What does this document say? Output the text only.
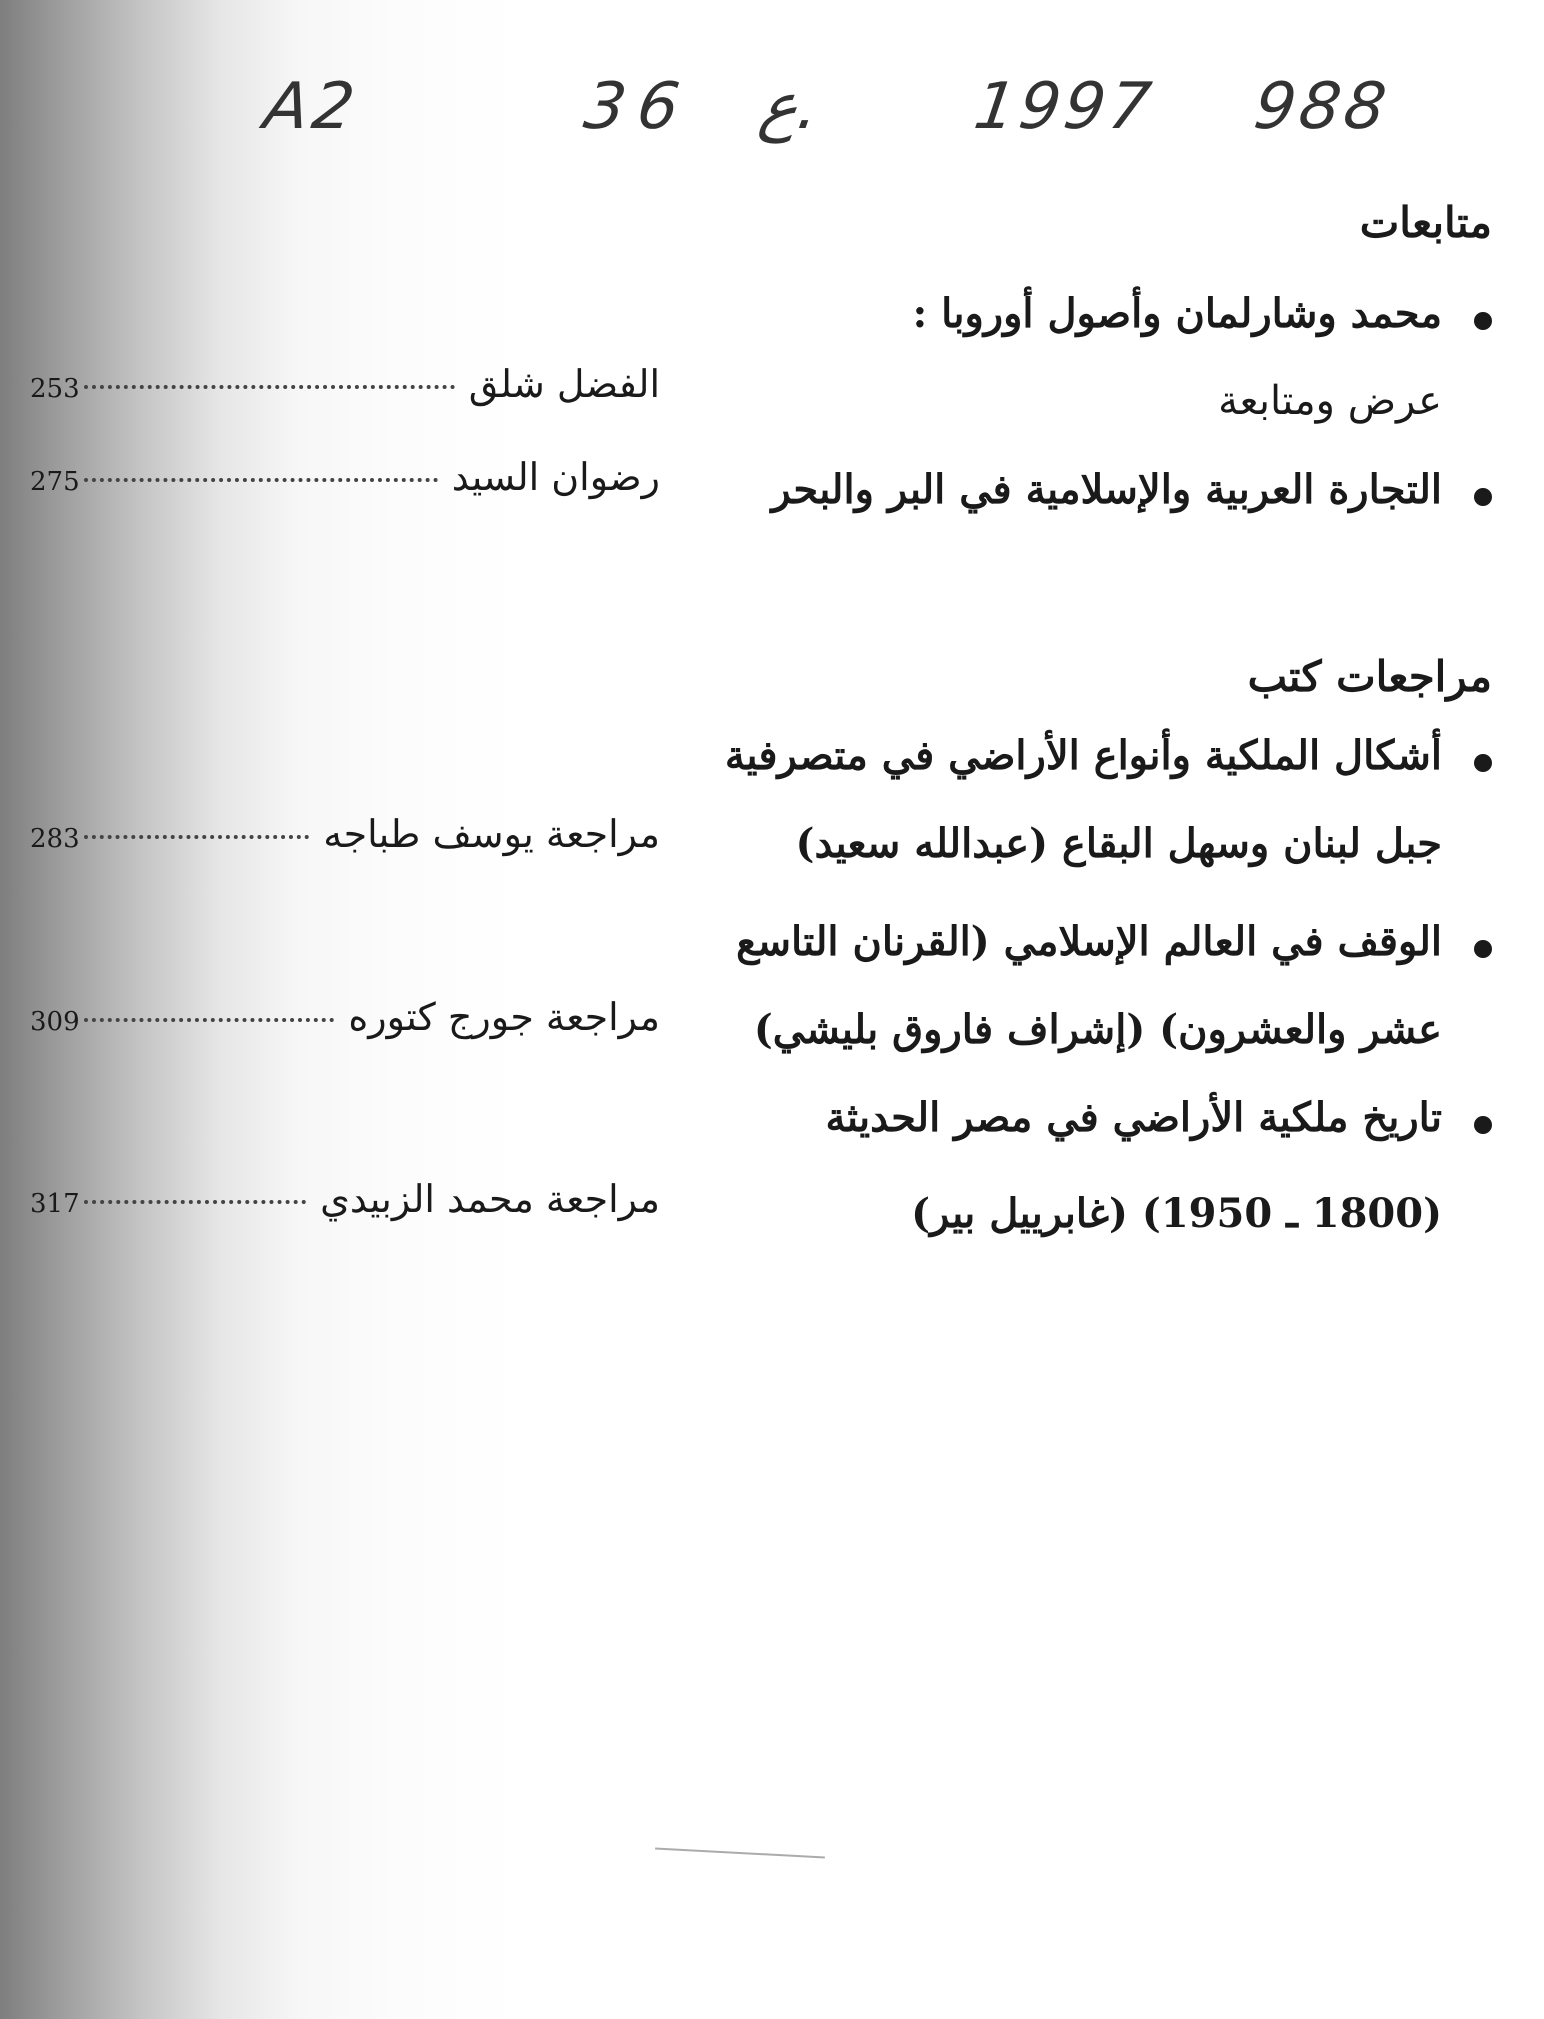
A2	36 ع. 1997 988
متابعات
محمد وشارلمان وأصول أوروبا :
عرض ومتابعة
253	الفضل شلق
التجارة العربية والإسلامية في البر والبحر
275	رضوان السيد
مراجعات كتب
أشكال الملكية وأنواع الأراضي في متصرفية
جبل لبنان وسهل البقاع (عبدالله سعيد)
283	مراجعة يوسف طباجه
الوقف في العالم الإسلامي (القرنان التاسع
عشر والعشرون) (إشراف فاروق بليشي)
309	مراجعة جورج كتوره
تاريخ ملكية الأراضي في مصر الحديثة
(1800 ـ 1950) (غابرييل بير)
317	مراجعة محمد الزبيدي
